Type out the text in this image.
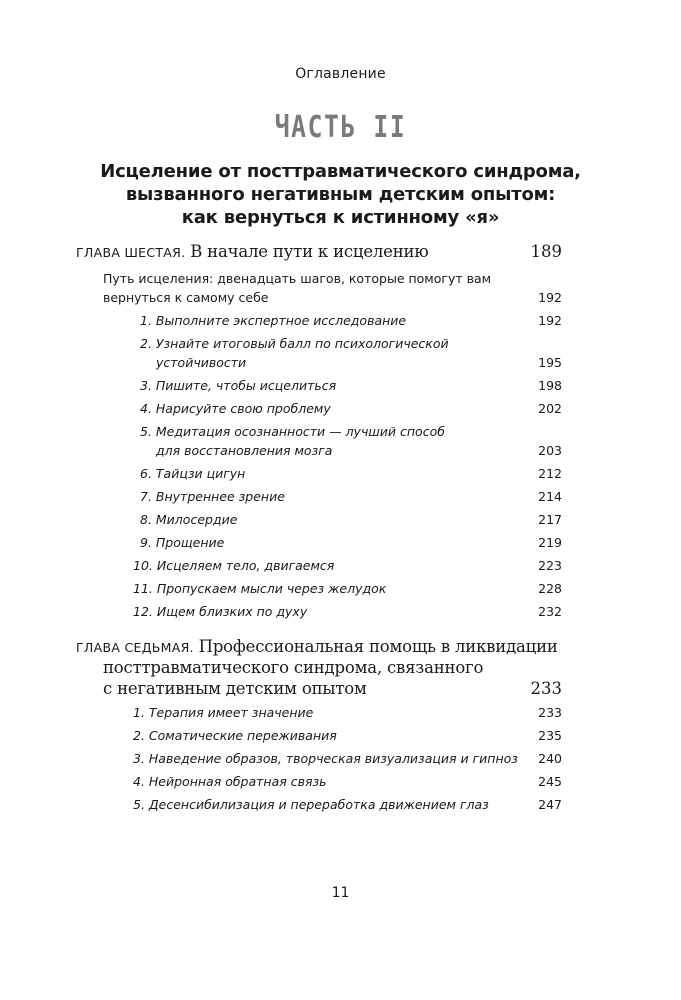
Оглавление
ЧАСТЬ II
Исцеление от посттравматического синдрома,
вызванного негативным детским опытом:
как вернуться к истинному «я»
ГЛАВА ШЕСТАЯ. В начале пути к исцелению	189
Путь исцеления: двенадцать шагов, которые помогут вам
вернуться к самому себе	192
1. Выполните экспертное исследование	192
2. Узнайте итоговый балл по психологической
устойчивости	195
3. Пишите, чтобы исцелиться	198
4. Нарисуйте свою проблему	202
5. Медитация осознанности — лучший способ
для восстановления мозга	203
6. Тайцзи цигун	212
7. Внутреннее зрение	214
8. Милосердие	217
9. Прощение	219
10. Исцеляем тело, двигаемся	223
11. Пропускаем мысли через желудок	228
12. Ищем близких по духу	232
ГЛАВА СЕДЬМАЯ. Профессиональная помощь в ликвидации
посттравматического синдрома, связанного
с негативным детским опытом	233
1. Терапия имеет значение	233
2. Соматические переживания	235
3. Наведение образов, творческая визуализация и гипноз 240
4. Нейронная обратная связь	245
5. Десенсибилизация и переработка движением глаз	247
11
